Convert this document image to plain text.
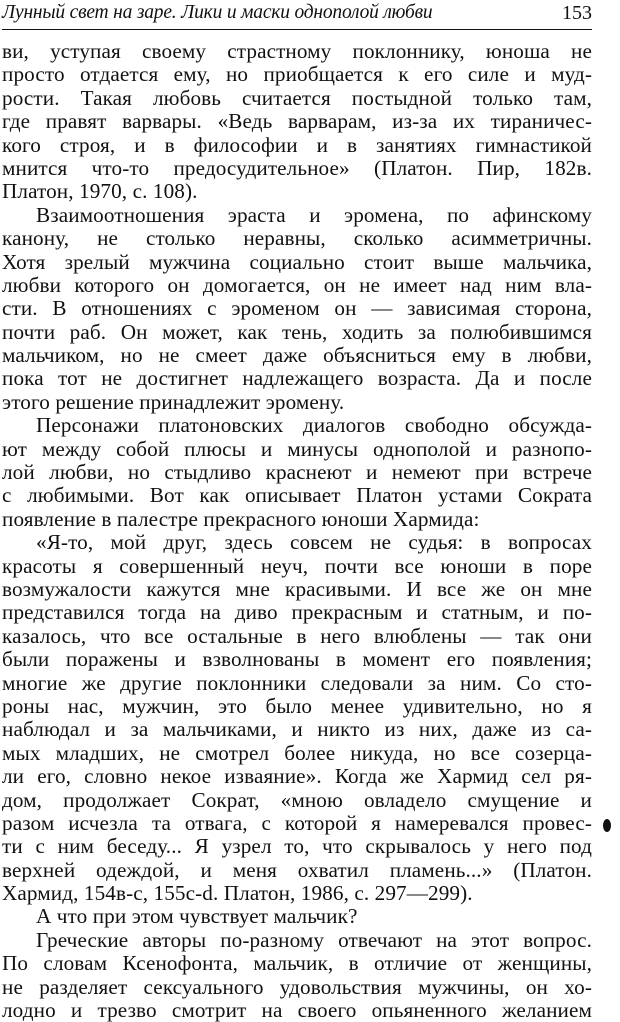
Лунный свет на заре. Лики и маски однополой любви	153
ви, уступая своему страстному поклоннику, юноша не
просто отдается ему, но приобщается к его силе и муд-
рости. Такая любовь считается постыдной только там,
где правят варвары. «Ведь варварам, из-за их тираничес-
кого строя, и в философии и в занятиях гимнастикой
мнится что-то предосудительное» (Платон. Пир, 182в.
Платон, 1970, с. 108).
Взаимоотношения эраста и эромена, по афинскому
канону, не столько неравны, сколько асимметричны.
Хотя зрелый мужчина социально стоит выше мальчика,
любви которого он домогается, он не имеет над ним вла-
сти. В отношениях с эроменом он — зависимая сторона,
почти раб. Он может, как тень, ходить за полюбившимся
мальчиком, но не смеет даже объясниться ему в любви,
пока тот не достигнет надлежащего возраста. Да и после
этого решение принадлежит эромену.
Персонажи платоновских диалогов свободно обсужда-
ют между собой плюсы и минусы однополой и разнопо-
лой любви, но стыдливо краснеют и немеют при встрече
с любимыми. Вот как описывает Платон устами Сократа
появление в палестре прекрасного юноши Хармида:
«Я-то, мой друг, здесь совсем не судья: в вопросах
красоты я совершенный неуч, почти все юноши в поре
возмужалости кажутся мне красивыми. И все же он мне
представился тогда на диво прекрасным и статным, и по-
казалось, что все остальные в него влюблены — так они
были поражены и взволнованы в момент его появления;
многие же другие поклонники следовали за ним. Со сто-
роны нас, мужчин, это было менее удивительно, но я
наблюдал и за мальчиками, и никто из них, даже из са-
мых младших, не смотрел более никуда, но все созерца-
ли его, словно некое изваяние». Когда же Хармид сел ря-
дом, продолжает Сократ, «мною овладело смущение и
разом исчезла та отвага, с которой я намеревался провес-
ти с ним беседу... Я узрел то, что скрывалось у него под
верхней одеждой, и меня охватил пламень...» (Платон.
Хармид, 154в-с, 155с-d. Платон, 1986, с. 297—299).
А что при этом чувствует мальчик?
Греческие авторы по-разному отвечают на этот вопрос.
По словам Ксенофонта, мальчик, в отличие от женщины,
не разделяет сексуального удовольствия мужчины, он хо-
лодно и трезво смотрит на своего опьяненного желанием
